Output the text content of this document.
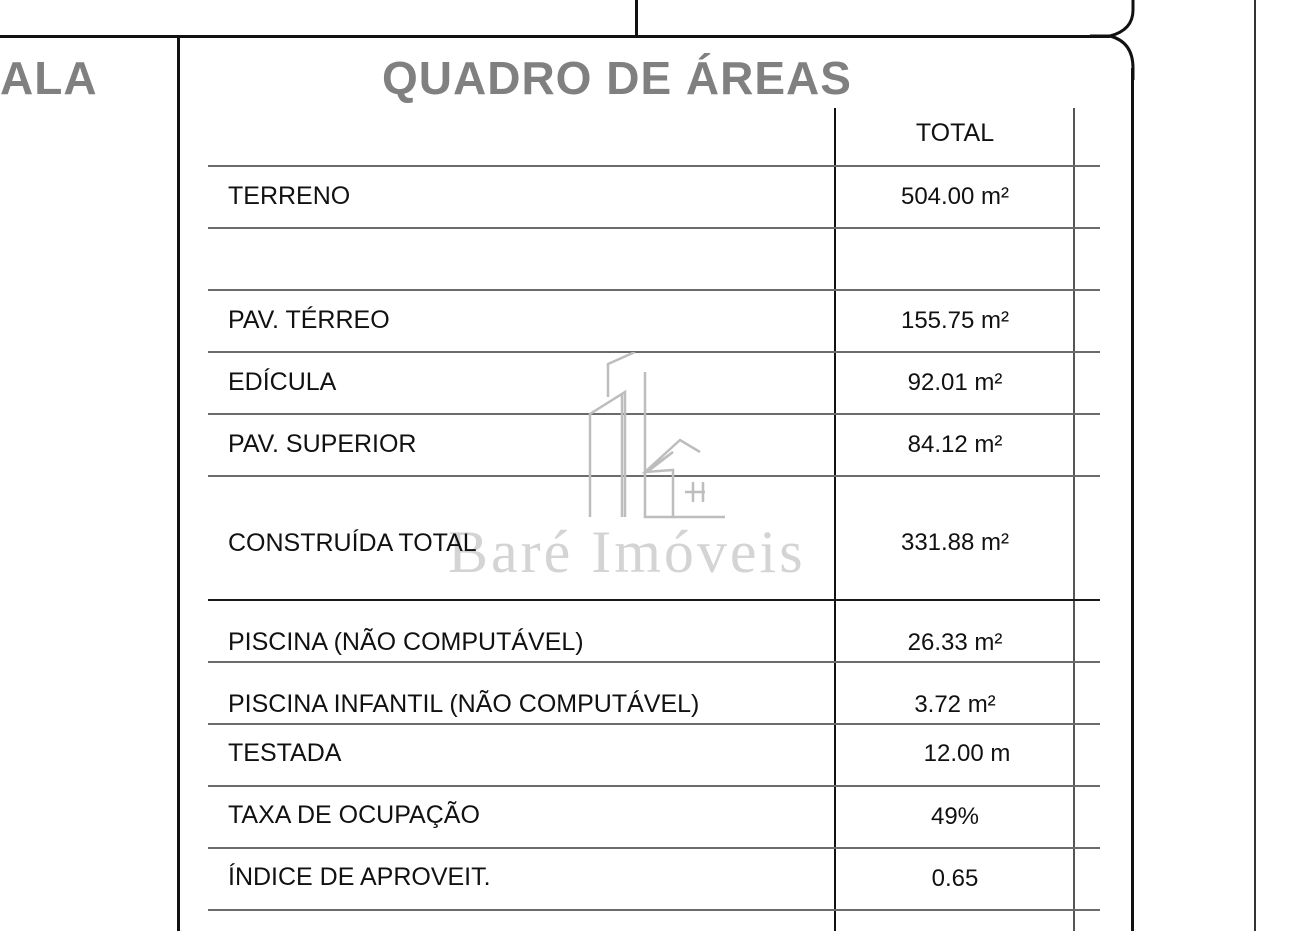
ALA	QUADRO DE ÁREAS
TOTAL
Baré Imóveis
TERRENO	504.00 m²
PAV. TÉRREO	155.75 m²
EDÍCULA	92.01 m²
PAV. SUPERIOR	84.12 m²
CONSTRUÍDA TOTAL	331.88 m²
PISCINA (NÃO COMPUTÁVEL)	26.33 m²
PISCINA INFANTIL (NÃO COMPUTÁVEL)	3.72 m²
TESTADA	12.00 m
TAXA DE OCUPAÇÃO	49%
ÍNDICE DE APROVEIT.	0.65
